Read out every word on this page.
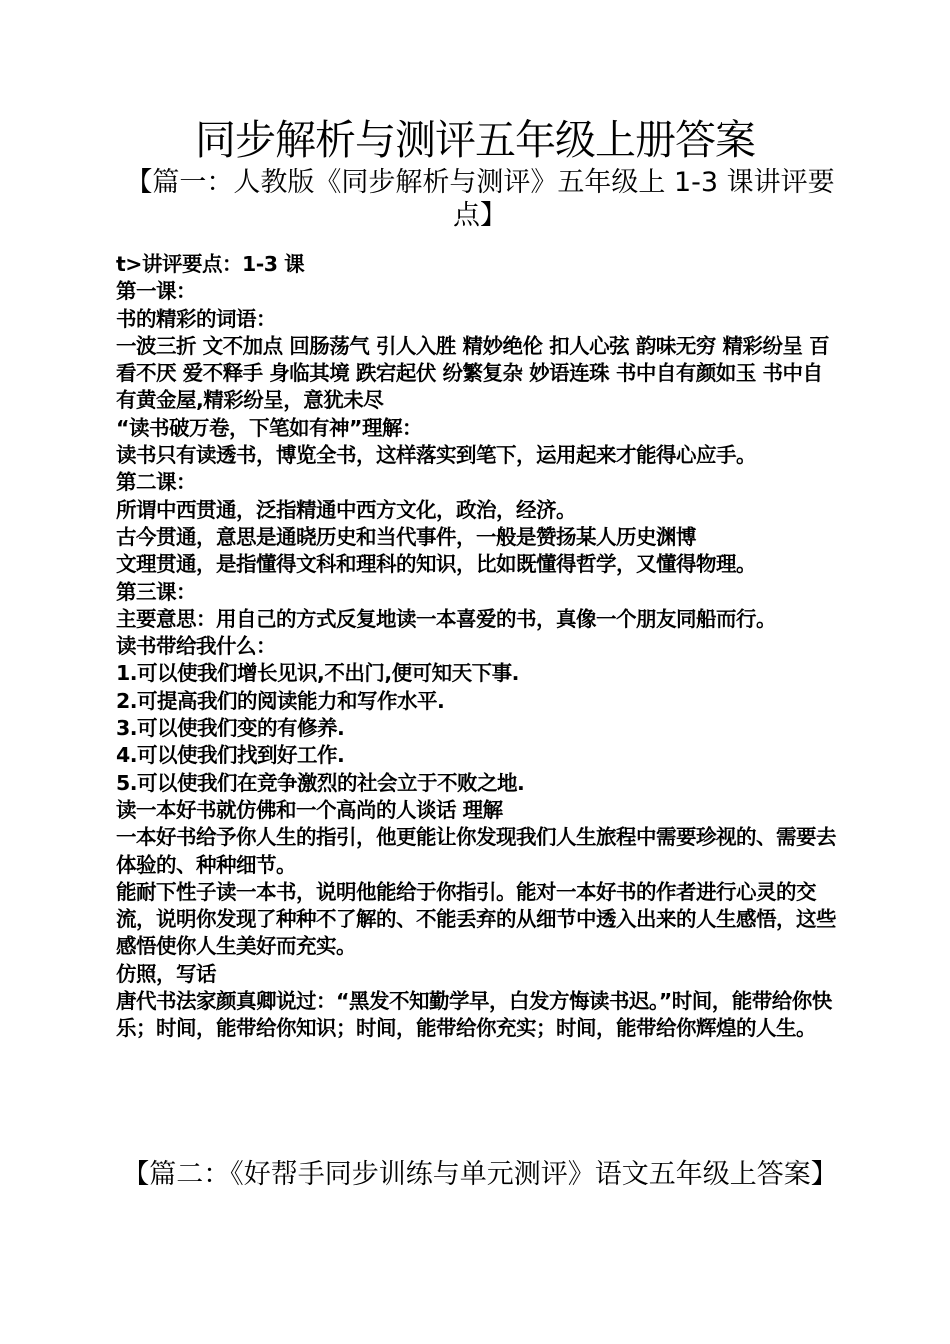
同步解析与测评五年级上册答案
【篇一：人教版《同步解析与测评》五年级上 1-3 课讲评要点】

t>讲评要点：1-3 课

第一课：

书的精彩的词语：

一波三折 文不加点 回肠荡气 引人入胜 精妙绝伦 扣人心弦 韵味无穷 精彩纷呈 百看不厌 爱不释手 身临其境 跌宕起伏 纷繁复杂 妙语连珠 书中自有颜如玉 书中自有黄金屋,精彩纷呈，意犹未尽

“读书破万卷，下笔如有神”理解：

读书只有读透书，博览全书，这样落实到笔下，运用起来才能得心应手。

第二课：

所谓中西贯通，泛指精通中西方文化，政治，经济。

古今贯通，意思是通晓历史和当代事件，一般是赞扬某人历史渊博

文理贯通，是指懂得文科和理科的知识，比如既懂得哲学，又懂得物理。

第三课：

主要意思：用自己的方式反复地读一本喜爱的书，真像一个朋友同船而行。

读书带给我什么：

1.可以使我们增长见识,不出门,便可知天下事.

2.可提高我们的阅读能力和写作水平.

3.可以使我们变的有修养.

4.可以使我们找到好工作.

5.可以使我们在竞争激烈的社会立于不败之地.

读一本好书就仿佛和一个高尚的人谈话 理解

一本好书给予你人生的指引，他更能让你发现我们人生旅程中需要珍视的、需要去体验的、种种细节。

能耐下性子读一本书，说明他能给于你指引。能对一本好书的作者进行心灵的交流，说明你发现了种种不了解的、不能丢弃的从细节中透入出来的人生感悟，这些感悟使你人生美好而充实。

仿照，写话

唐代书法家颜真卿说过：“黑发不知勤学早，白发方悔读书迟。”时间，能带给你快乐；时间，能带给你知识；时间，能带给你充实；时间，能带给你辉煌的人生。

【篇二：《好帮手同步训练与单元测评》语文五年级上答案】
